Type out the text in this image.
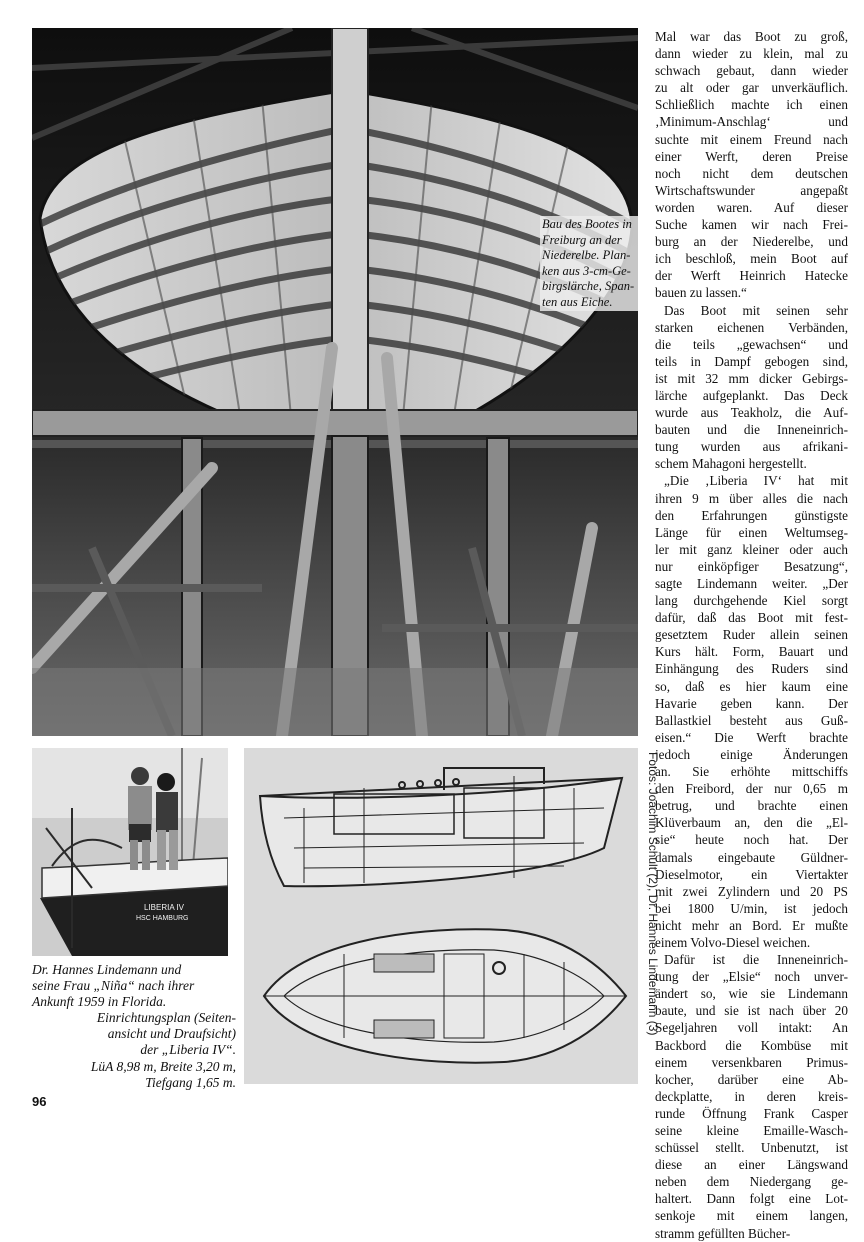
Bau des Bootes in
Freiburg an der
Niederelbe. Plan-
ken aus 3-cm-Ge-
birgslärche, Span-
ten aus Eiche.
LIBERIA IV
HSC HAMBURG
Dr. Hannes Lindemann und
seine Frau „Niña“ nach ihrer
Ankunft 1959 in Florida.
Einrichtungsplan (Seiten-
ansicht und Draufsicht)
der „Liberia IV“.
LüA 8,98 m, Breite 3,20 m,
Tiefgang 1,65 m.
Fotos: Joachim Schult (2), Dr. Hannes Lindemann (3)
Mal war das Boot zu groß,
dann wieder zu klein, mal zu
schwach gebaut, dann wieder
zu alt oder gar unverkäuflich.
Schließlich machte ich einen
‚Minimum-Anschlag‘ und
suchte mit einem Freund nach
einer Werft, deren Preise
noch nicht dem deutschen
Wirtschaftswunder angepaßt
worden waren. Auf dieser
Suche kamen wir nach Frei-
burg an der Niederelbe, und
ich beschloß, mein Boot auf
der Werft Heinrich Hatecke
bauen zu lassen.“
Das Boot mit seinen sehr
starken eichenen Verbänden,
die teils „gewachsen“ und
teils in Dampf gebogen sind,
ist mit 32 mm dicker Gebirgs-
lärche aufgeplankt. Das Deck
wurde aus Teakholz, die Auf-
bauten und die Inneneinrich-
tung wurden aus afrikani-
schem Mahagoni hergestellt.
„Die ‚Liberia IV‘ hat mit
ihren 9 m über alles die nach
den Erfahrungen günstigste
Länge für einen Weltumseg-
ler mit ganz kleiner oder auch
nur einköpfiger Besatzung“,
sagte Lindemann weiter. „Der
lang durchgehende Kiel sorgt
dafür, daß das Boot mit fest-
gesetztem Ruder allein seinen
Kurs hält. Form, Bauart und
Einhängung des Ruders sind
so, daß es hier kaum eine
Havarie geben kann. Der
Ballastkiel besteht aus Guß-
eisen.“ Die Werft brachte
jedoch einige Änderungen
an. Sie erhöhte mittschiffs
den Freibord, der nur 0,65 m
betrug, und brachte einen
Klüverbaum an, den die „El-
sie“ heute noch hat. Der
damals eingebaute Güldner-
Dieselmotor, ein Viertakter
mit zwei Zylindern und 20 PS
bei 1800 U/min, ist jedoch
nicht mehr an Bord. Er mußte
einem Volvo-Diesel weichen.
Dafür ist die Inneneinrich-
tung der „Elsie“ noch unver-
ändert so, wie sie Lindemann
baute, und sie ist nach über 20
Segeljahren voll intakt: An
Backbord die Kombüse mit
einem versenkbaren Primus-
kocher, darüber eine Ab-
deckplatte, in deren kreis-
runde Öffnung Frank Casper
seine kleine Emaille-Wasch-
schüssel stellt. Unbenutzt, ist
diese an einer Längswand
neben dem Niedergang ge-
haltert. Dann folgt eine Lot-
senkoje mit einem langen,
stramm gefüllten Bücher-
96
